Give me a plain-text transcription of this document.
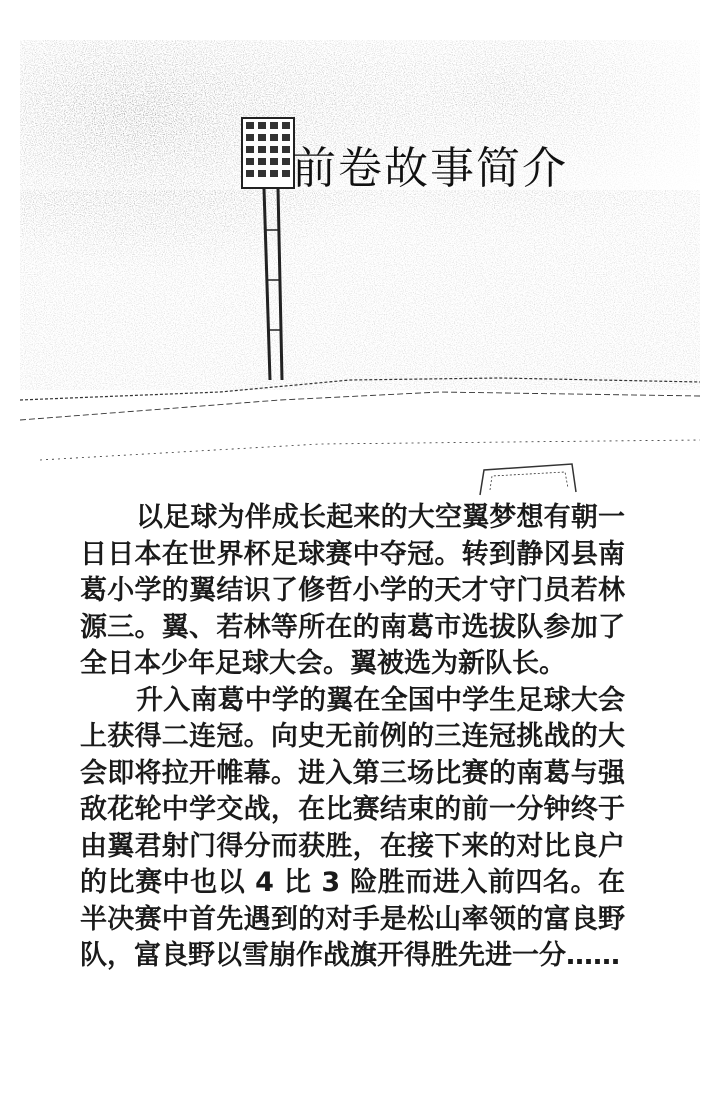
前卷故事简介

以足球为伴成长起来的大空翼梦想有朝一日日本在世界杯足球赛中夺冠。转到静冈县南葛小学的翼结识了修哲小学的天才守门员若林源三。翼、若林等所在的南葛市选拔队参加了全日本少年足球大会。翼被选为新队长。

升入南葛中学的翼在全国中学生足球大会上获得二连冠。向史无前例的三连冠挑战的大会即将拉开帷幕。进入第三场比赛的南葛与强敌花轮中学交战，在比赛结束的前一分钟终于由翼君射门得分而获胜，在接下来的对比良户的比赛中也以 4 比 3 险胜而进入前四名。在半决赛中首先遇到的对手是松山率领的富良野队，富良野以雪崩作战旗开得胜先进一分……
